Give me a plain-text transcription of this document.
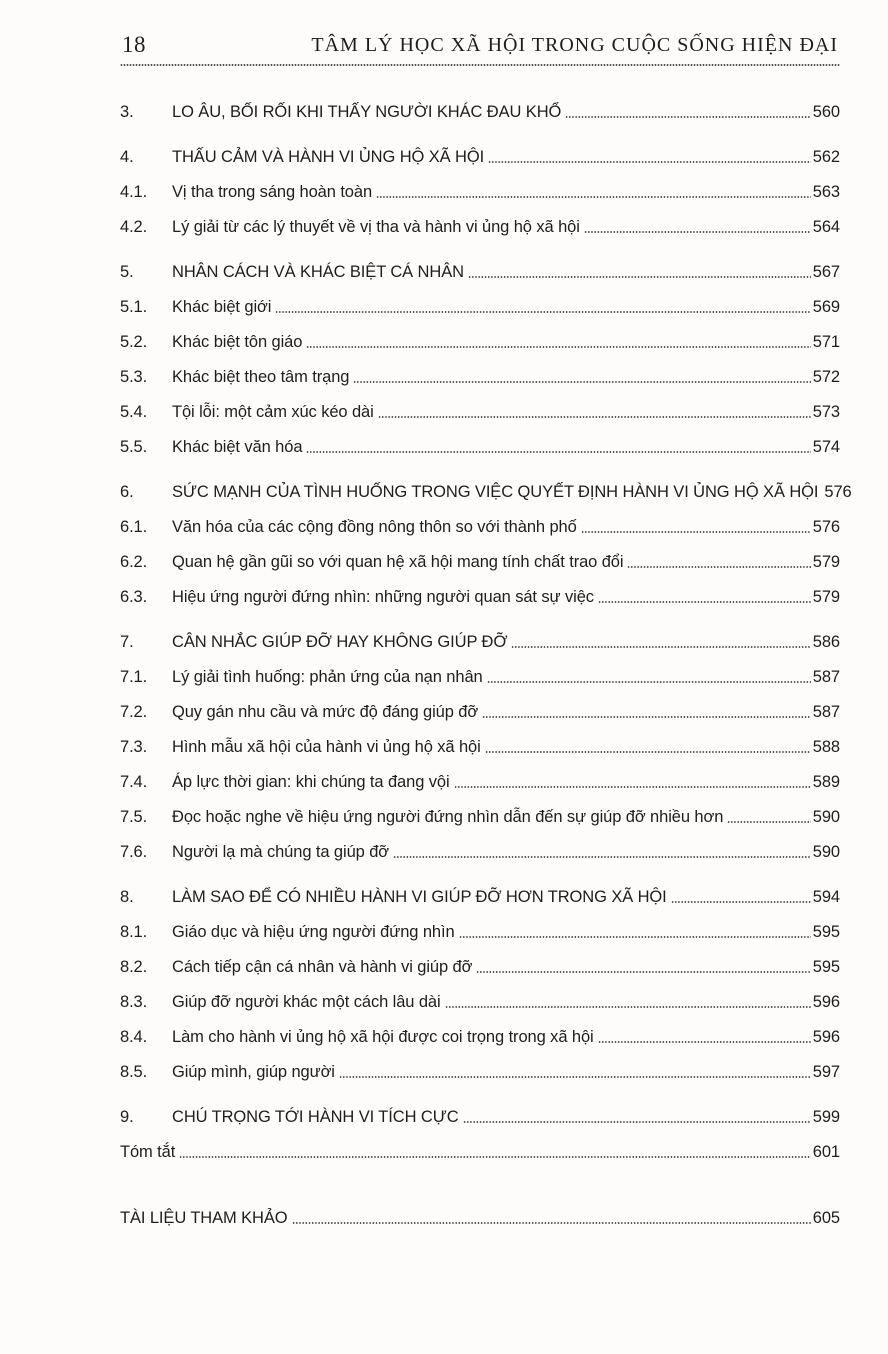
18	TÂM LÝ HỌC XÃ HỘI TRONG CUỘC SỐNG HIỆN ĐẠI
3.	LO ÂU, BỐI RỐI KHI THẤY NGƯỜI KHÁC ĐAU KHỔ	560
4.	THẤU CẢM VÀ HÀNH VI ỦNG HỘ XÃ HỘI	562
4.1.	Vị tha trong sáng hoàn toàn	563
4.2.	Lý giải từ các lý thuyết về vị tha và hành vi ủng hộ xã hội	564
5.	NHÂN CÁCH VÀ KHÁC BIỆT CÁ NHÂN	567
5.1.	Khác biệt giới	569
5.2.	Khác biệt tôn giáo	571
5.3.	Khác biệt theo tâm trạng	572
5.4.	Tội lỗi: một cảm xúc kéo dài	573
5.5.	Khác biệt văn hóa	574
6.	SỨC MẠNH CỦA TÌNH HUỐNG TRONG VIỆC QUYẾT ĐỊNH HÀNH VI ỦNG HỘ XÃ HỘI 576
6.1.	Văn hóa của các cộng đồng nông thôn so với thành phố	576
6.2.	Quan hệ gần gũi so với quan hệ xã hội mang tính chất trao đổi	579
6.3.	Hiệu ứng người đứng nhìn: những người quan sát sự việc	579
7.	CÂN NHẮC GIÚP ĐỠ HAY KHÔNG GIÚP ĐỠ	586
7.1.	Lý giải tình huống: phản ứng của nạn nhân	587
7.2.	Quy gán nhu cầu và mức độ đáng giúp đỡ	587
7.3.	Hình mẫu xã hội của hành vi ủng hộ xã hội	588
7.4.	Áp lực thời gian: khi chúng ta đang vội	589
7.5.	Đọc hoặc nghe về hiệu ứng người đứng nhìn dẫn đến sự giúp đỡ nhiều hơn	590
7.6.	Người lạ mà chúng ta giúp đỡ	590
8.	LÀM SAO ĐỂ CÓ NHIỀU HÀNH VI GIÚP ĐỠ HƠN TRONG XÃ HỘI	594
8.1.	Giáo dục và hiệu ứng người đứng nhìn	595
8.2.	Cách tiếp cận cá nhân và hành vi giúp đỡ	595
8.3.	Giúp đỡ người khác một cách lâu dài	596
8.4.	Làm cho hành vi ủng hộ xã hội được coi trọng trong xã hội	596
8.5.	Giúp mình, giúp người	597
9.	CHÚ TRỌNG TỚI HÀNH VI TÍCH CỰC	599
Tóm tắt	601
TÀI LIỆU THAM KHẢO	605
